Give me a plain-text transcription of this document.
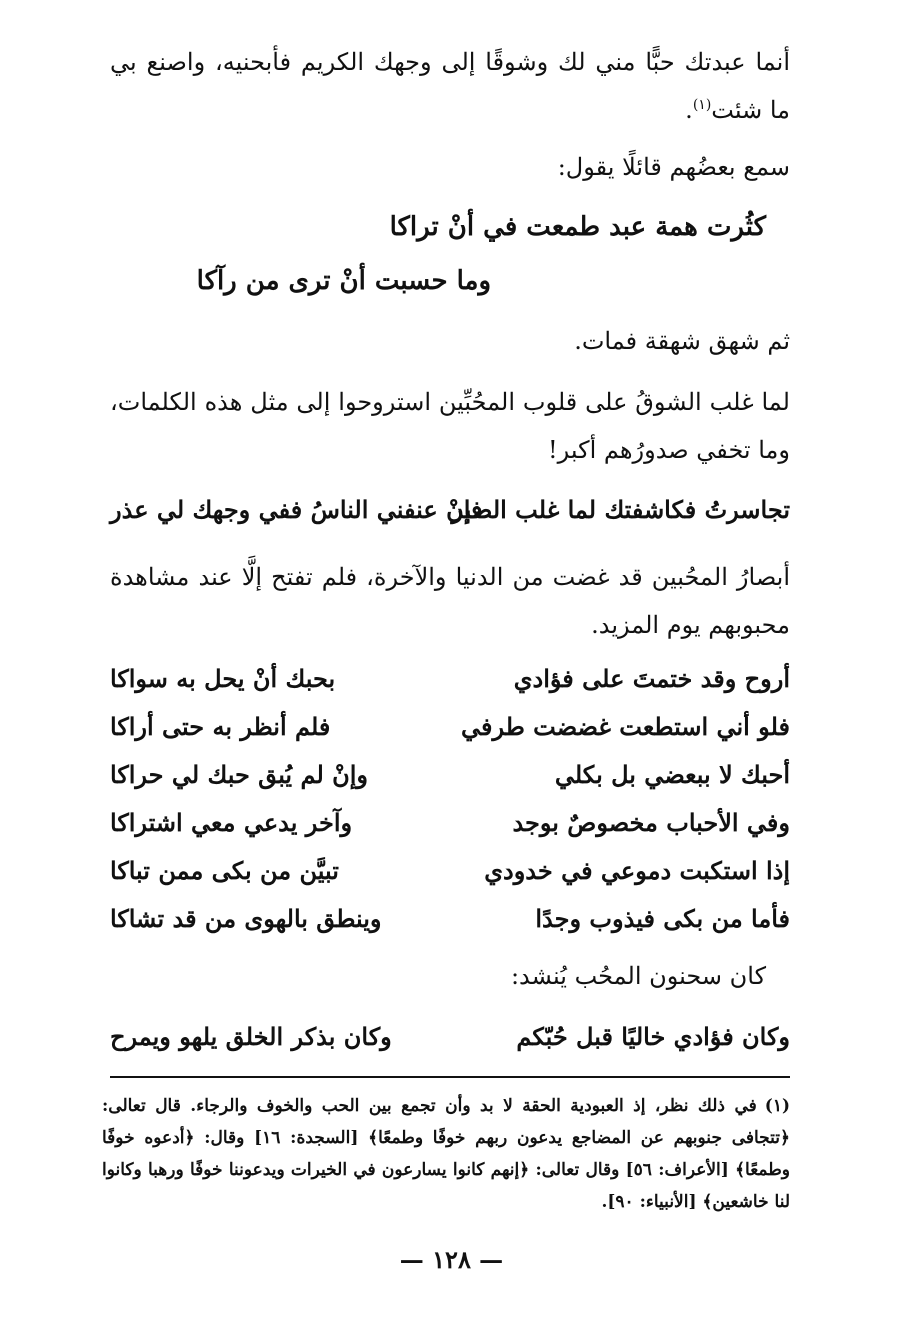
أنما عبدتك حبًّا مني لك وشوقًا إلى وجهك الكريم فأبحنيه، واصنع بي ما شئت$^{(١)}$.
سمع بعضُهم قائلًا يقول:
كثُرت همة عبد طمعت في أنْ تراكا
وما حسبت أنْ ترى من رآكا
ثم شهق شهقة فمات.
لما غلب الشوقُ على قلوب المحُبِّين استروحوا إلى مثل هذه الكلمات، وما تخفي صدورُهم أكبر!
تجاسرتُ فكاشفتك لما غلب الصبر
فإنْ عنفني الناسُ ففي وجهك لي عذر
أبصارُ المحُبين قد غضت من الدنيا والآخرة، فلم تفتح إلَّا عند مشاهدة محبوبهم يوم المزيد.
أروح وقد ختمتَ على فؤادي
بحبك أنْ يحل به سواكا
فلو أني استطعت غضضت طرفي
فلم أنظر به حتى أراكا
أحبك لا ببعضي بل بكلي
وإنْ لم يُبق حبك لي حراكا
وفي الأحباب مخصوصٌ بوجد
وآخر يدعي معي اشتراكا
إذا استكبت دموعي في خدودي
تبيَّن من بكى ممن تباكا
فأما من بكى فيذوب وجدًا
وينطق بالهوى من قد تشاكا
كان سحنون المحُب يُنشد:
وكان فؤادي خاليًا قبل حُبّكم
وكان بذكر الخلق يلهو ويمرح
(١)في ذلك نظر، إذ العبودية الحقة لا بد وأن تجمع بين الحب والخوف والرجاء. قال تعالى: ﴿تتجافى جنوبهم عن المضاجع يدعون ربهم خوفًا وطمعًا﴾ [السجدة: ١٦] وقال: ﴿أدعوه خوفًا وطمعًا﴾ [الأعراف: ٥٦] وقال تعالى: ﴿إنهم كانوا يسارعون في الخيرات ويدعوننا خوفًا ورهبا وكانوا لنا خاشعين﴾ [الأنبياء: ٩٠].
— ١٢٨ —
